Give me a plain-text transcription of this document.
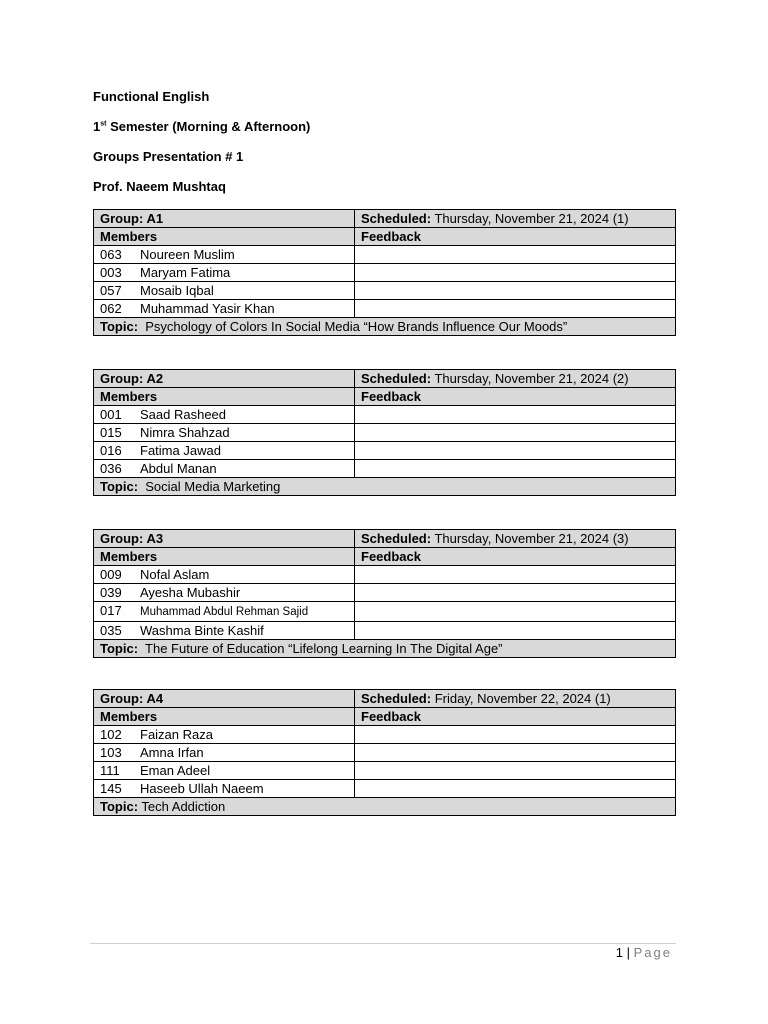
Functional English
1st Semester (Morning & Afternoon)
Groups Presentation # 1
Prof. Naeem Mushtaq
Group: A1	Scheduled: Thursday, November 21, 2024 (1)
Members	Feedback
063 Noureen Muslim	
003 Maryam Fatima	
057 Mosaib Iqbal	
062 Muhammad Yasir Khan	
Topic: Psychology of Colors In Social Media “How Brands Influence Our Moods”	
Group: A2	Scheduled: Thursday, November 21, 2024 (2)
Members	Feedback
001 Saad Rasheed	
015 Nimra Shahzad	
016 Fatima Jawad	
036 Abdul Manan	
Topic: Social Media Marketing	
Group: A3	Scheduled: Thursday, November 21, 2024 (3)
Members	Feedback
009 Nofal Aslam	
039 Ayesha Mubashir	
017 Muhammad Abdul Rehman Sajid	
035 Washma Binte Kashif	
Topic: The Future of Education “Lifelong Learning In The Digital Age”	
Group: A4	Scheduled: Friday, November 22, 2024 (1)
Members	Feedback
102 Faizan Raza	
103 Amna Irfan	
111 Eman Adeel	
145 Haseeb Ullah Naeem	
Topic: Tech Addiction	
1 | Page
